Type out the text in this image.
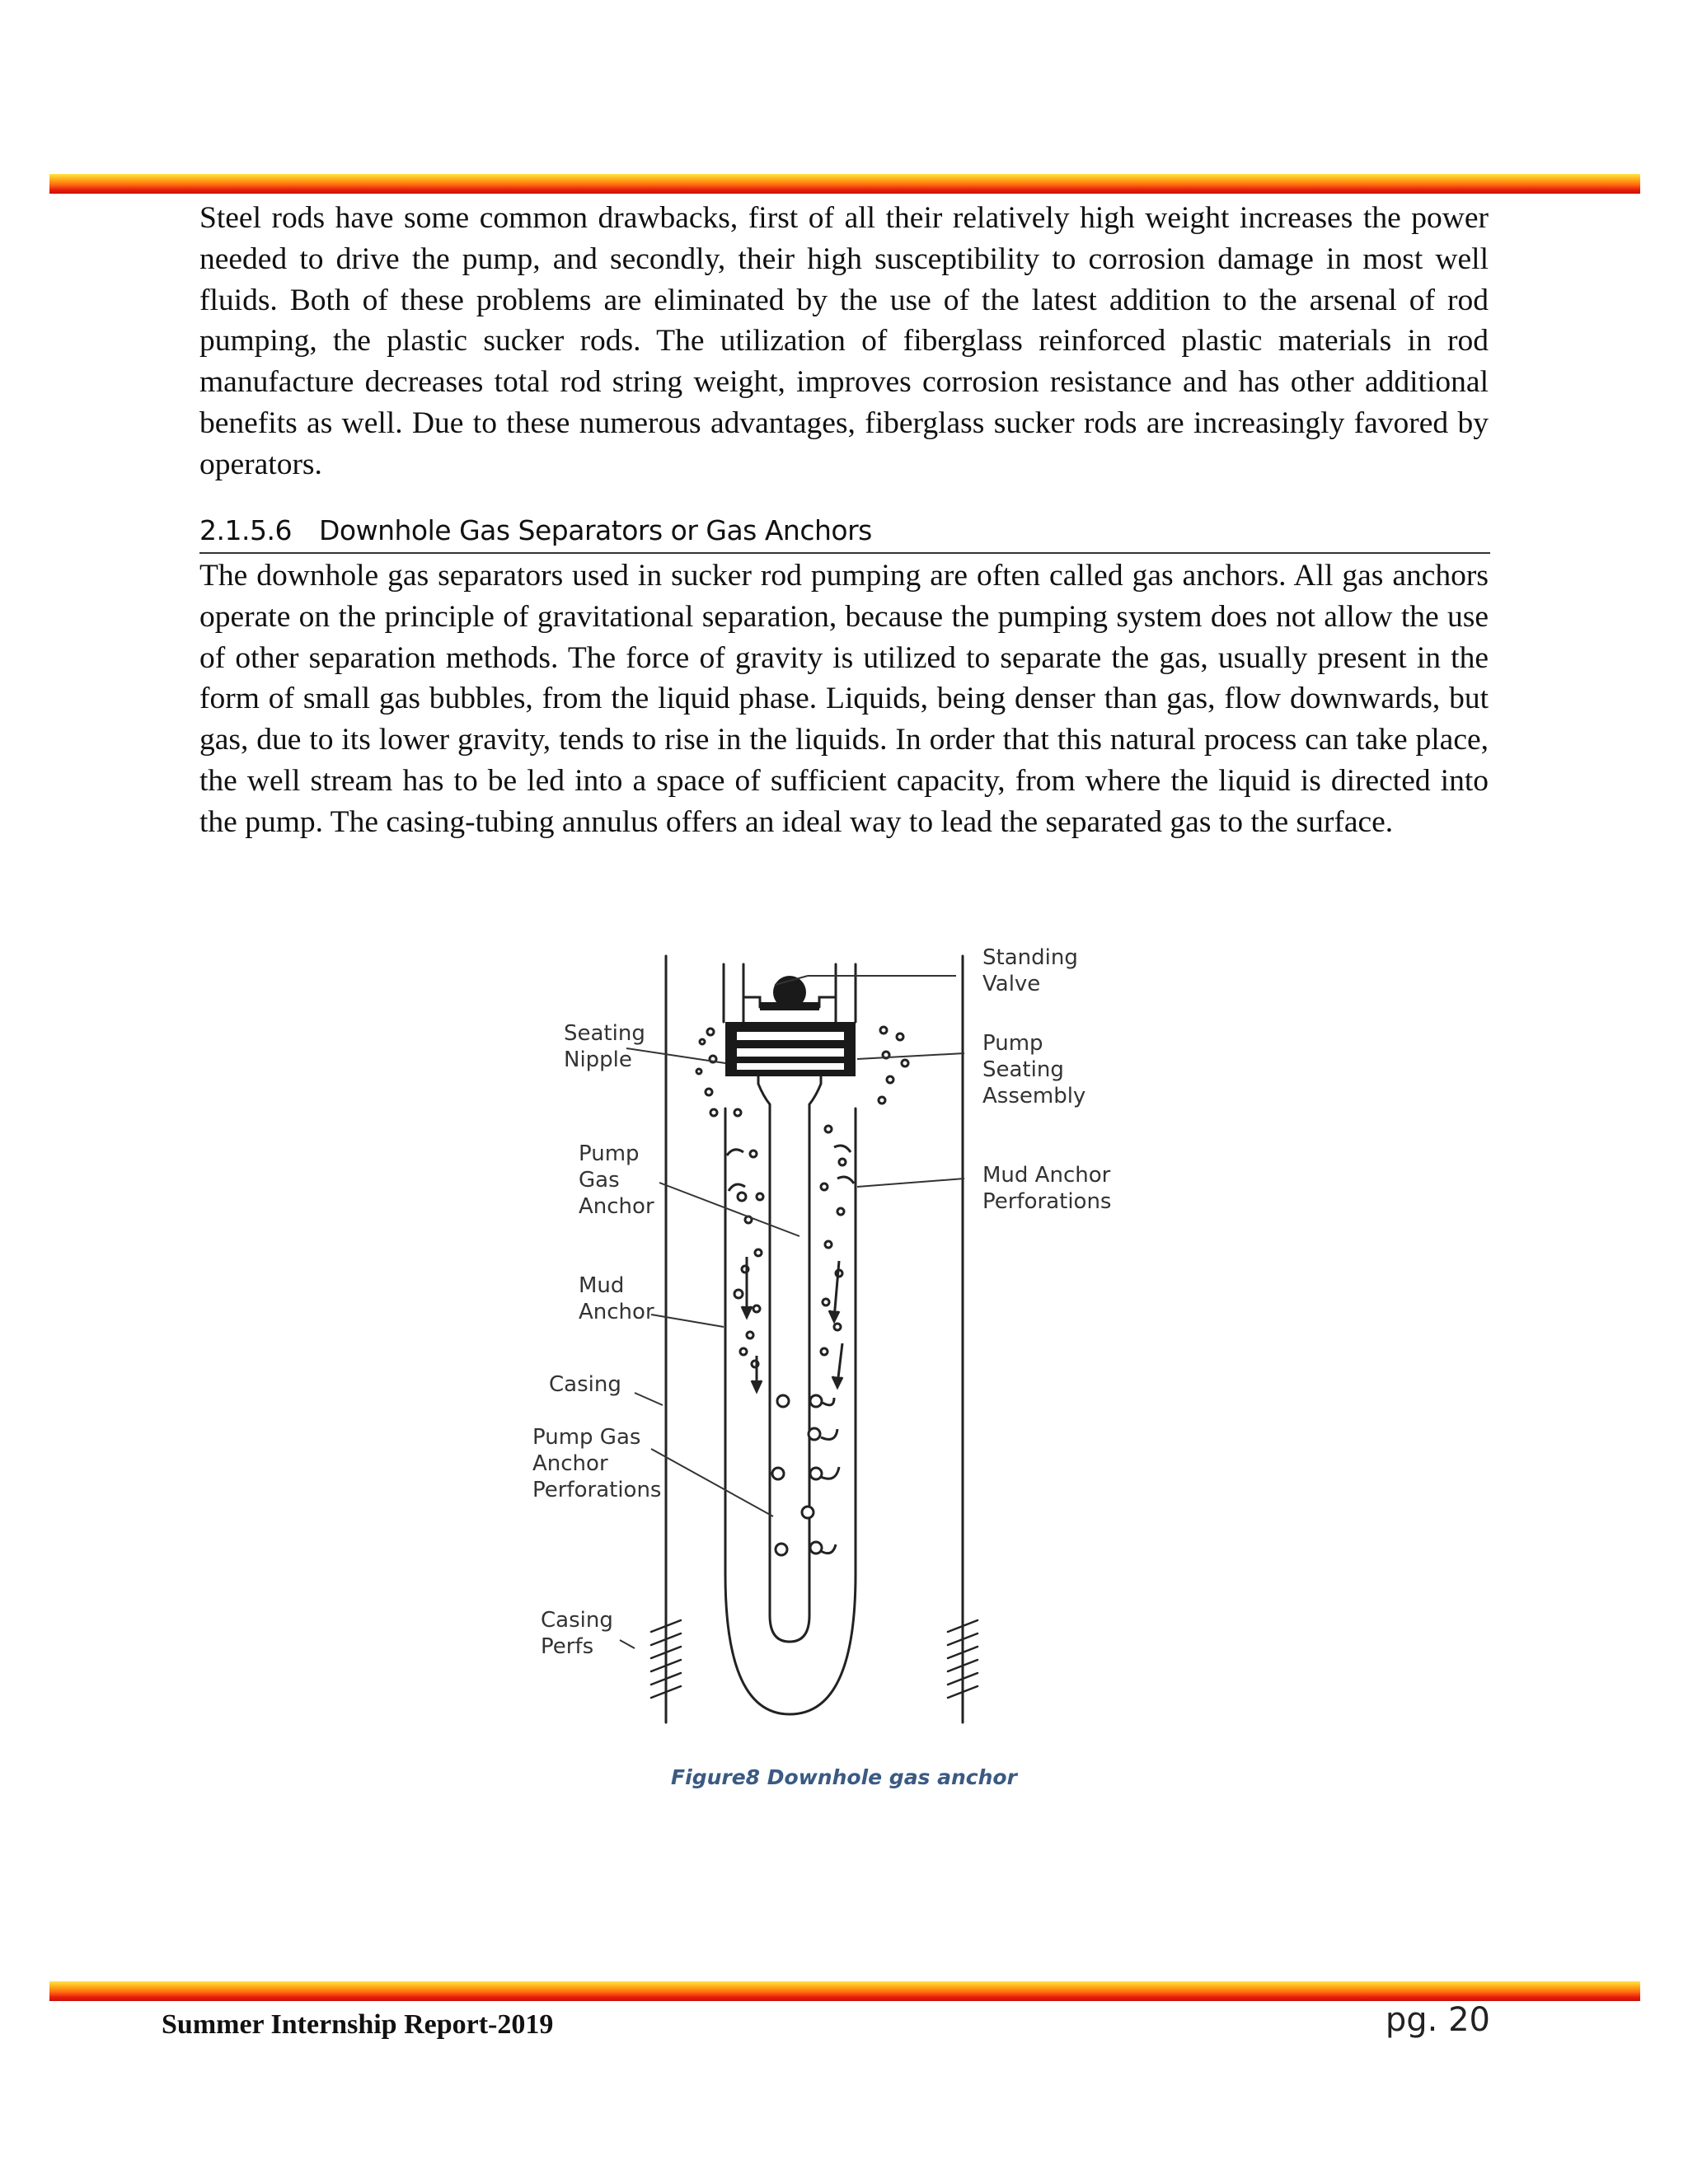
Steel rods have some common drawbacks, first of all their relatively high weight increases the power needed to drive the pump, and secondly, their high susceptibility to corrosion damage in most well fluids. Both of these problems are eliminated by the use of the latest addition to the arsenal of rod pumping, the plastic sucker rods. The utilization of fiberglass reinforced plastic materials in rod manufacture decreases total rod string weight, improves corrosion resistance and has other additional benefits as well. Due to these numerous advantages, fiberglass sucker rods are increasingly favored by operators.

2.1.5.6 Downhole Gas Separators or Gas Anchors

The downhole gas separators used in sucker rod pumping are often called gas anchors. All gas anchors operate on the principle of gravitational separation, because the pumping system does not allow the use of other separation methods. The force of gravity is utilized to separate the gas, usually present in the form of small gas bubbles, from the liquid phase. Liquids, being denser than gas, flow downwards, but gas, due to its lower gravity, tends to rise in the liquids. In order that this natural process can take place, the well stream has to be led into a space of sufficient capacity, from where the liquid is directed into the pump. The casing-tubing annulus offers an ideal way to lead the separated gas to the surface.

Standing
Valve
Seating
Nipple
Pump
Seating
Assembly
Pump
Gas
Anchor
Mud Anchor
Perforations
Mud
Anchor
Casing
Pump Gas
Anchor
Perforations
Casing
Perfs
Figure8 Downhole gas anchor
Summer Internship Report-2019	pg. 20
